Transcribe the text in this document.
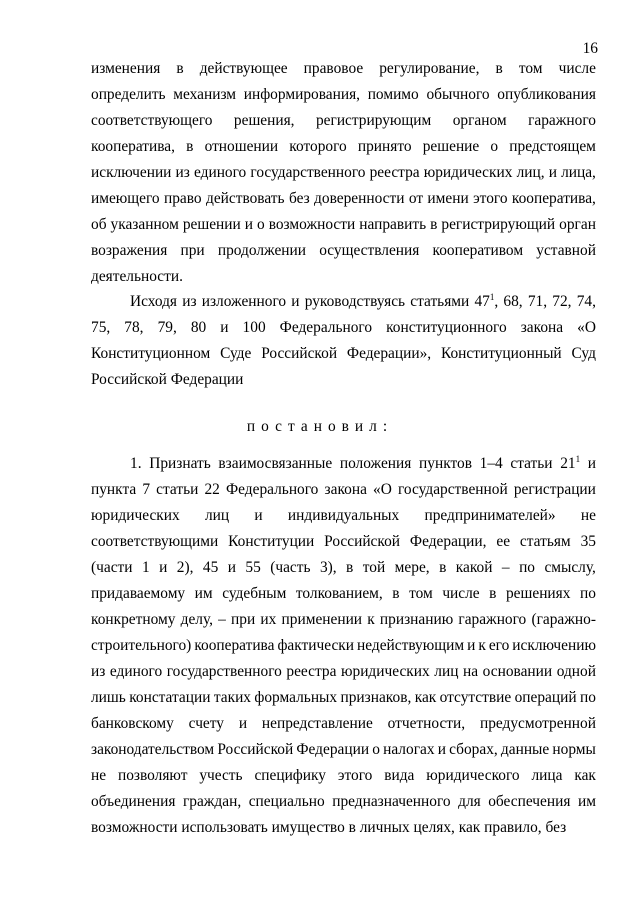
16
изменения в действующее правовое регулирование, в том числе
определить механизм информирования, помимо обычного опубликования
соответствующего решения, регистрирующим органом гаражного
кооператива, в отношении которого принято решение о предстоящем
исключении из единого государственного реестра юридических лиц, и лица,
имеющего право действовать без доверенности от имени этого кооператива,
об указанном решении и о возможности направить в регистрирующий орган
возражения при продолжении осуществления кооперативом уставной
деятельности.
Исходя из изложенного и руководствуясь статьями $47^1$, 68, 71, 72, 74,
75, 78, 79, 80 и 100 Федерального конституционного закона «О
Конституционном Суде Российской Федерации», Конституционный Суд
Российской Федерации
постановил:
1. Признать взаимосвязанные положения пунктов 1–4 статьи $21^1$ и
пункта 7 статьи 22 Федерального закона «О государственной регистрации
юридических лиц и индивидуальных предпринимателей» не
соответствующими Конституции Российской Федерации, ее статьям 35
(части 1 и 2), 45 и 55 (часть 3), в той мере, в какой – по смыслу,
придаваемому им судебным толкованием, в том числе в решениях по
конкретному делу, – при их применении к признанию гаражного (гаражно-
строительного) кооператива фактически недействующим и к его исключению
из единого государственного реестра юридических лиц на основании одной
лишь констатации таких формальных признаков, как отсутствие операций по
банковскому счету и непредставление отчетности, предусмотренной
законодательством Российской Федерации о налогах и сборах, данные нормы
не позволяют учесть специфику этого вида юридического лица как
объединения граждан, специально предназначенного для обеспечения им
возможности использовать имущество в личных целях, как правило, без
